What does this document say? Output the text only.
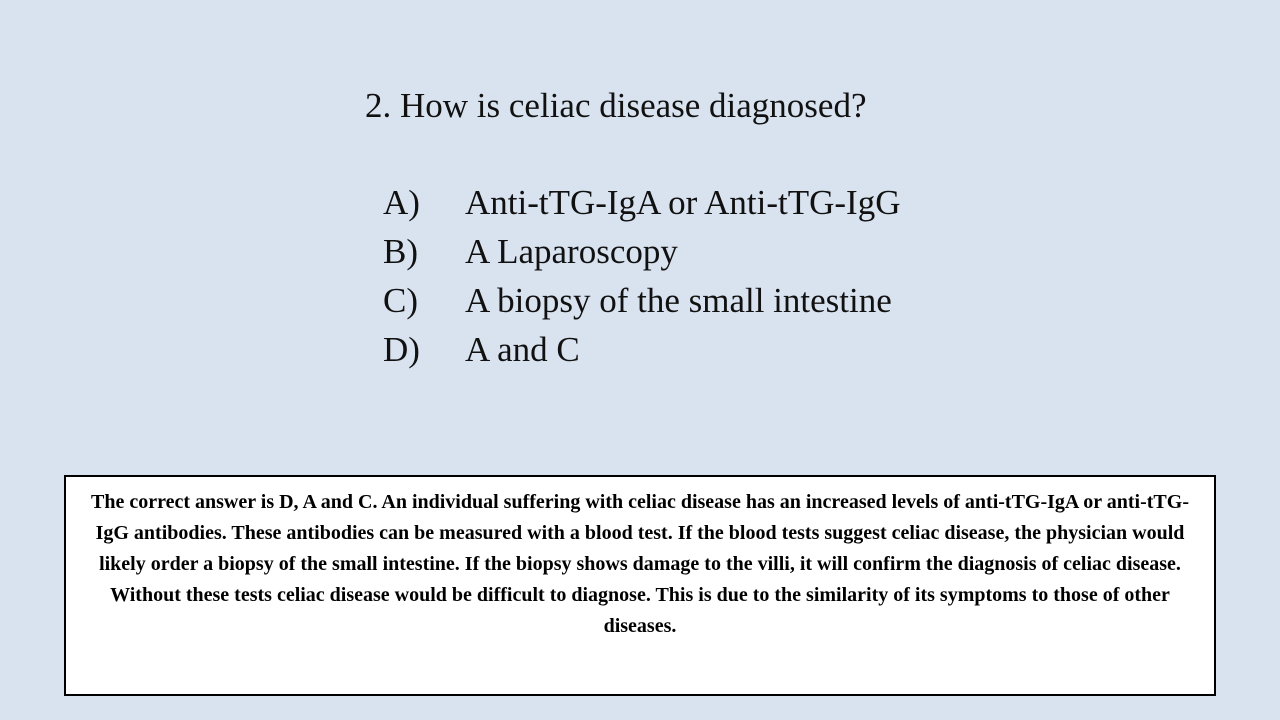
2. How is celiac disease diagnosed?
A)	Anti-tTG-IgA or Anti-tTG-IgG
B)	A Laparoscopy
C)	A biopsy of the small intestine
D)	A and C
The correct answer is D, A and C. An individual suffering with celiac disease has an increased levels of anti-tTG-IgA or anti-tTG-IgG antibodies. These antibodies can be measured with a blood test. If the blood tests suggest celiac disease, the physician would likely order a biopsy of the small intestine. If the biopsy shows damage to the villi, it will confirm the diagnosis of celiac disease. Without these tests celiac disease would be difficult to diagnose. This is due to the similarity of its symptoms to those of other diseases.
